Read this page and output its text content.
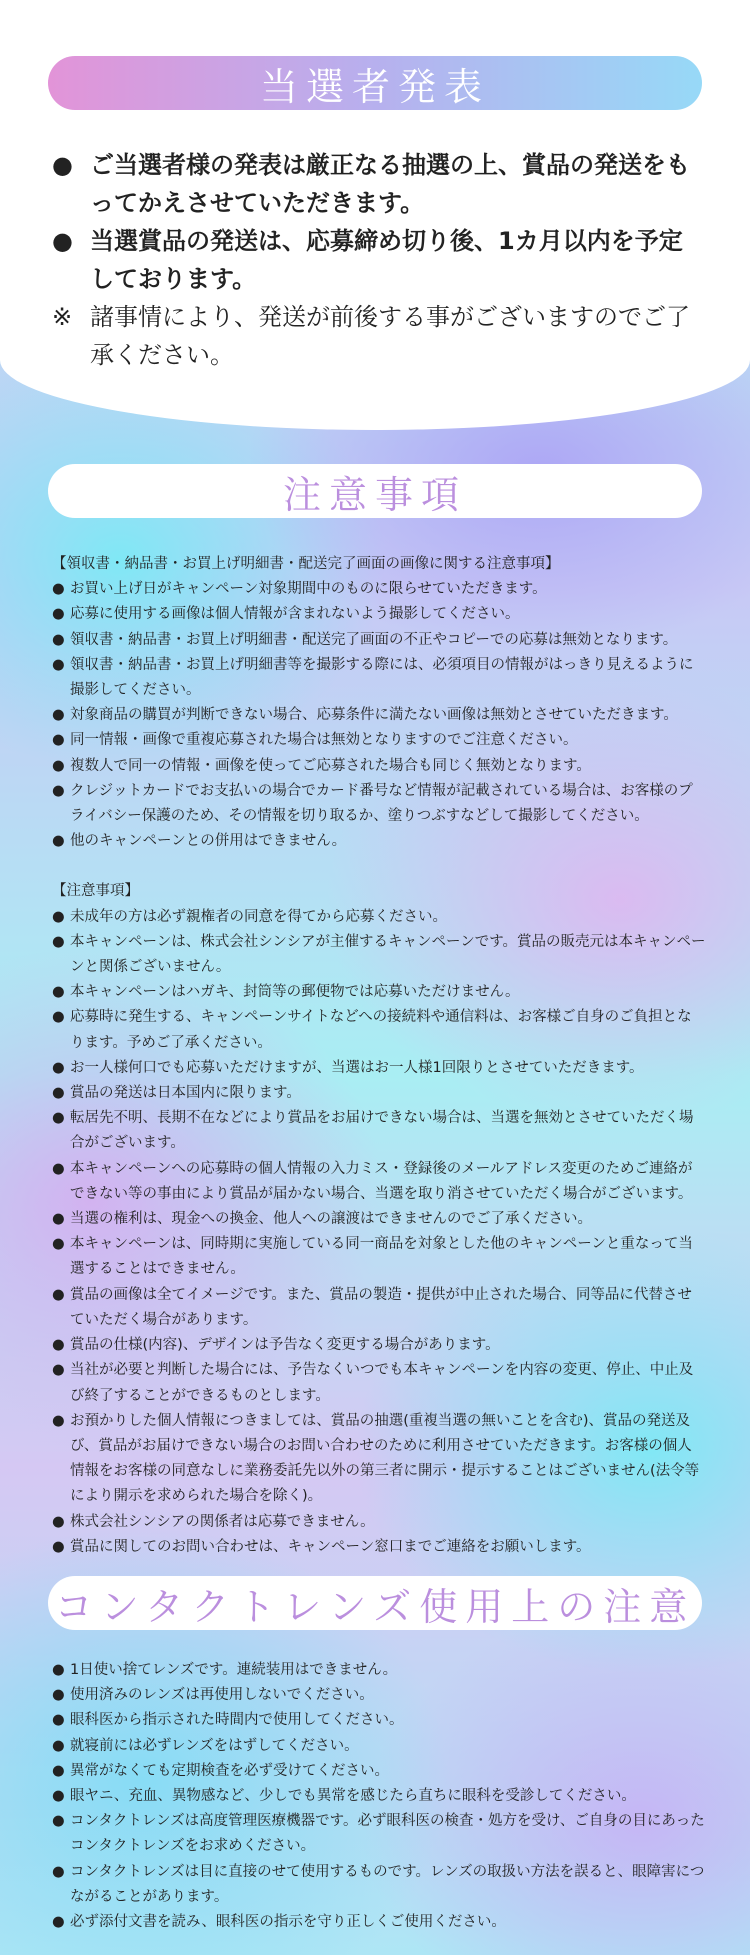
当選者発表
● ご当選者様の発表は厳正なる抽選の上、賞品の発送をもってかえさせていただきます。
● 当選賞品の発送は、応募締め切り後、1カ月以内を予定しております。
※ 諸事情により、発送が前後する事がございますのでご了承ください。
注意事項
【領収書・納品書・お買上げ明細書・配送完了画面の画像に関する注意事項】
● お買い上げ日がキャンペーン対象期間中のものに限らせていただきます。
● 応募に使用する画像は個人情報が含まれないよう撮影してください。
● 領収書・納品書・お買上げ明細書・配送完了画面の不正やコピーでの応募は無効となります。
● 領収書・納品書・お買上げ明細書等を撮影する際には、必須項目の情報がはっきり見えるように撮影してください。
● 対象商品の購買が判断できない場合、応募条件に満たない画像は無効とさせていただきます。
● 同一情報・画像で重複応募された場合は無効となりますのでご注意ください。
● 複数人で同一の情報・画像を使ってご応募された場合も同じく無効となります。
● クレジットカードでお支払いの場合でカード番号など情報が記載されている場合は、お客様のプライバシー保護のため、その情報を切り取るか、塗りつぶすなどして撮影してください。
● 他のキャンペーンとの併用はできません。
【注意事項】
● 未成年の方は必ず親権者の同意を得てから応募ください。
● 本キャンペーンは、株式会社シンシアが主催するキャンペーンです。賞品の販売元は本キャンペーンと関係ございません。
● 本キャンペーンはハガキ、封筒等の郵便物では応募いただけません。
● 応募時に発生する、キャンペーンサイトなどへの接続料や通信料は、お客様ご自身のご負担となります。予めご了承ください。
● お一人様何口でも応募いただけますが、当選はお一人様1回限りとさせていただきます。
● 賞品の発送は日本国内に限ります。
● 転居先不明、長期不在などにより賞品をお届けできない場合は、当選を無効とさせていただく場合がございます。
● 本キャンペーンへの応募時の個人情報の入力ミス・登録後のメールアドレス変更のためご連絡ができない等の事由により賞品が届かない場合、当選を取り消させていただく場合がございます。
● 当選の権利は、現金への換金、他人への譲渡はできませんのでご了承ください。
● 本キャンペーンは、同時期に実施している同一商品を対象とした他のキャンペーンと重なって当選することはできません。
● 賞品の画像は全てイメージです。また、賞品の製造・提供が中止された場合、同等品に代替させていただく場合があります。
● 賞品の仕様(内容)、デザインは予告なく変更する場合があります。
● 当社が必要と判断した場合には、予告なくいつでも本キャンペーンを内容の変更、停止、中止及び終了することができるものとします。
● お預かりした個人情報につきましては、賞品の抽選(重複当選の無いことを含む)、賞品の発送及び、賞品がお届けできない場合のお問い合わせのために利用させていただきます。お客様の個人情報をお客様の同意なしに業務委託先以外の第三者に開示・提示することはございません(法令等により開示を求められた場合を除く)。
● 株式会社シンシアの関係者は応募できません。
● 賞品に関してのお問い合わせは、キャンペーン窓口までご連絡をお願いします。
コンタクトレンズ使用上の注意
● 1日使い捨てレンズです。連続装用はできません。
● 使用済みのレンズは再使用しないでください。
● 眼科医から指示された時間内で使用してください。
● 就寝前には必ずレンズをはずしてください。
● 異常がなくても定期検査を必ず受けてください。
● 眼ヤニ、充血、異物感など、少しでも異常を感じたら直ちに眼科を受診してください。
● コンタクトレンズは高度管理医療機器です。必ず眼科医の検査・処方を受け、ご自身の目にあったコンタクトレンズをお求めください。
● コンタクトレンズは目に直接のせて使用するものです。レンズの取扱い方法を誤ると、眼障害につながることがあります。
● 必ず添付文書を読み、眼科医の指示を守り正しくご使用ください。
